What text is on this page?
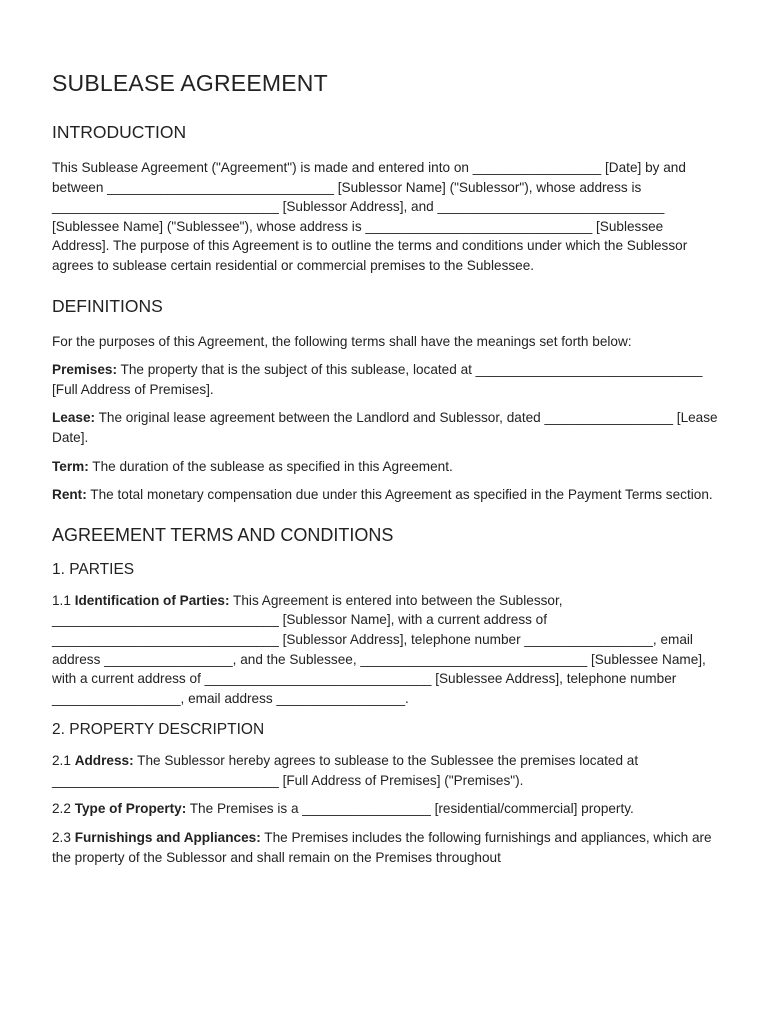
SUBLEASE AGREEMENT
INTRODUCTION

This Sublease Agreement ("Agreement") is made and entered into on _________________ [Date] by and between ______________________________ [Sublessor Name] ("Sublessor"), whose address is ______________________________ [Sublessor Address], and ______________________________ [Sublessee Name] ("Sublessee"), whose address is ______________________________ [Sublessee Address]. The purpose of this Agreement is to outline the terms and conditions under which the Sublessor agrees to sublease certain residential or commercial premises to the Sublessee.

DEFINITIONS

For the purposes of this Agreement, the following terms shall have the meanings set forth below:

Premises: The property that is the subject of this sublease, located at ______________________________ [Full Address of Premises].

Lease: The original lease agreement between the Landlord and Sublessor, dated _________________ [Lease Date].

Term: The duration of the sublease as specified in this Agreement.

Rent: The total monetary compensation due under this Agreement as specified in the Payment Terms section.

AGREEMENT TERMS AND CONDITIONS
1. PARTIES

1.1 Identification of Parties: This Agreement is entered into between the Sublessor, ______________________________ [Sublessor Name], with a current address of ______________________________ [Sublessor Address], telephone number _________________, email address _________________, and the Sublessee, ______________________________ [Sublessee Name], with a current address of ______________________________ [Sublessee Address], telephone number _________________, email address _________________.

2. PROPERTY DESCRIPTION

2.1 Address: The Sublessor hereby agrees to sublease to the Sublessee the premises located at ______________________________ [Full Address of Premises] ("Premises").

2.2 Type of Property: The Premises is a _________________ [residential/commercial] property.

2.3 Furnishings and Appliances: The Premises includes the following furnishings and appliances, which are the property of the Sublessor and shall remain on the Premises throughout
